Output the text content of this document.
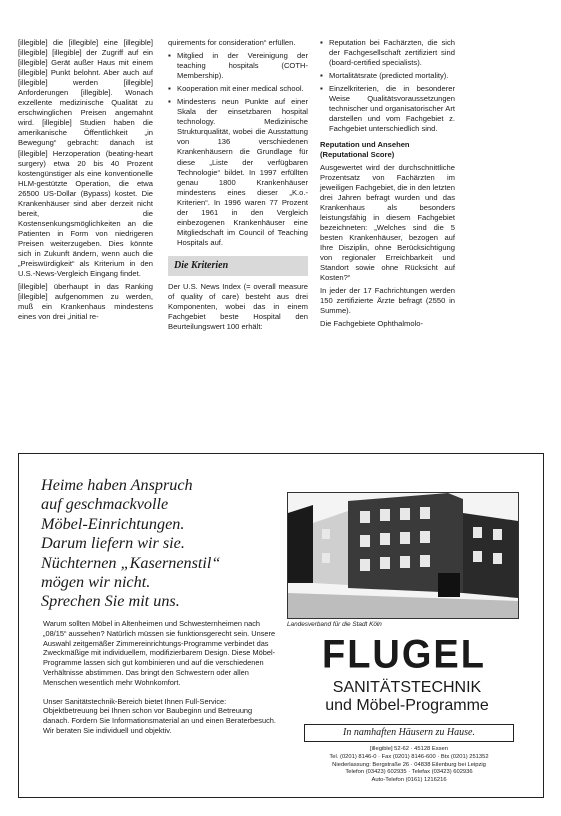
[illegible] die [illegible] eine [illegible] [illegible] [illegible] der Zugriff auf ein [illegible] Gerät außer Haus mit einem [illegible] Punkt belohnt. Aber auch auf [illegible] werden [illegible] Anforderungen [illegible]. Wonach exzellente medizinische Qualität zu erschwinglichen Preisen angemahnt wird. [illegible] Studien haben die amerikanische Öffentlichkeit „in Bewegung“ gebracht: danach ist [illegible] Herzoperation (beating-heart surgery) etwa 20 bis 40 Prozent kostengünstiger als eine konventionelle HLM-gestützte Operation, die etwa 26500 US-Dollar (Bypass) kostet. Die Krankenhäuser sind aber derzeit nicht bereit, die Kostensenkungsmöglichkeiten an die Patienten in Form von niedrigeren Preisen weiterzugeben. Dies könnte sich in Zukunft ändern, wenn auch die „Preiswürdigkeit“ als Kriterium in den U.S.-News-Vergleich Eingang findet.

[illegible] überhaupt in das Ranking [illegible] aufgenommen zu werden, muß ein Krankenhaus mindestens eines von drei „initial re-

quirements for consideration“ erfüllen.

▪ Mitglied in der Vereinigung der teaching hospitals (COTH-Membership).
▪ Kooperation mit einer medical school.
▪ Mindestens neun Punkte auf einer Skala der einsetzbaren hospital technology. Medizinische Strukturqualität, wobei die Ausstattung von 136 verschiedenen Krankenhäusern die Grundlage für diese „Liste der verfügbaren Technologie“ bildet. In 1997 erfüllten genau 1800 Krankenhäuser mindestens eines dieser „K.o.-Kriterien“. In 1996 waren 77 Prozent der 1961 in den Vergleich einbezogenen Krankenhäuser eine Mitgliedschaft im Council of Teaching Hospitals auf.
Die Kriterien

Der U.S. News Index (= overall measure of quality of care) besteht aus drei Komponenten, wobei das in einem Fachgebiet beste Hospital den Beurteilungswert 100 erhält:

▪ Reputation bei Fachärzten, die sich der Fachgesellschaft zertifiziert sind (board-certified specialists).
▪ Mortalitätsrate (predicted mortality).
▪ Einzelkriterien, die in besonderer Weise Qualitätsvoraussetzungen technischer und organisatorischer Art darstellen und vom Fachgebiet z. Fachgebiet unterschiedlich sind.
Reputation und Ansehen
(Reputational Score)

Ausgewertet wird der durchschnittliche Prozentsatz von Fachärzten im jeweiligen Fachgebiet, die in den letzten drei Jahren befragt wurden und das Krankenhaus als besonders leistungsfähig in diesem Fachgebiet bezeichneten: „Welches sind die 5 besten Krankenhäuser, bezogen auf Ihre Disziplin, ohne Berücksichtigung von regionaler Erreichbarkeit und Standort sowie ohne Rücksicht auf Kosten?“

In jeder der 17 Fachrichtungen werden 150 zertifizierte Ärzte befragt (2550 in Summe).

Die Fachgebiete Ophthalmolo-

Heime haben Anspruch
auf geschmackvolle
Möbel-Einrichtungen.
Darum liefern wir sie.
Nüchternen „Kasernenstil“
mögen wir nicht.
Sprechen Sie mit uns.

Warum sollten Möbel in Altenheimen und Schwesternheimen nach „08/15“ aussehen? Natürlich müssen sie funktionsgerecht sein. Unsere Auswahl zeitgemäßer Zimmereinrichtungs-Programme verbindet das Zweckmäßige mit individuellem, modifizierbarem Design. Diese Möbel-Programme lassen sich gut kombinieren und auf die verschiedenen Verhältnisse abstimmen. Das bringt den Schwestern oder allen Menschen wesentlich mehr Wohnkomfort.

Unser Sanitätstechnik-Bereich bietet Ihnen Full-Service: Objektbetreuung bei Ihnen schon vor Baubeginn und Betreuung danach. Fordern Sie Informationsmaterial an und einen Beraterbesuch. Wir beraten Sie individuell und objektiv.

Landesverband für die Stadt Köln
FLUGEL
SANITÄTSTECHNIK
und Möbel-Programme
In namhaften Häusern zu Hause.
[illegible] 52-62 · 45128 Essen
Tel. (0201) 8146-0 · Fax (0201) 8146-600 · Btx (0201) 251352
Niederlassung: Bergstraße 26 · 04838 Eilenburg bei Leipzig
Telefon (03423) 602935 · Telefax (03423) 602936
Auto-Telefon (0161) 1216216
